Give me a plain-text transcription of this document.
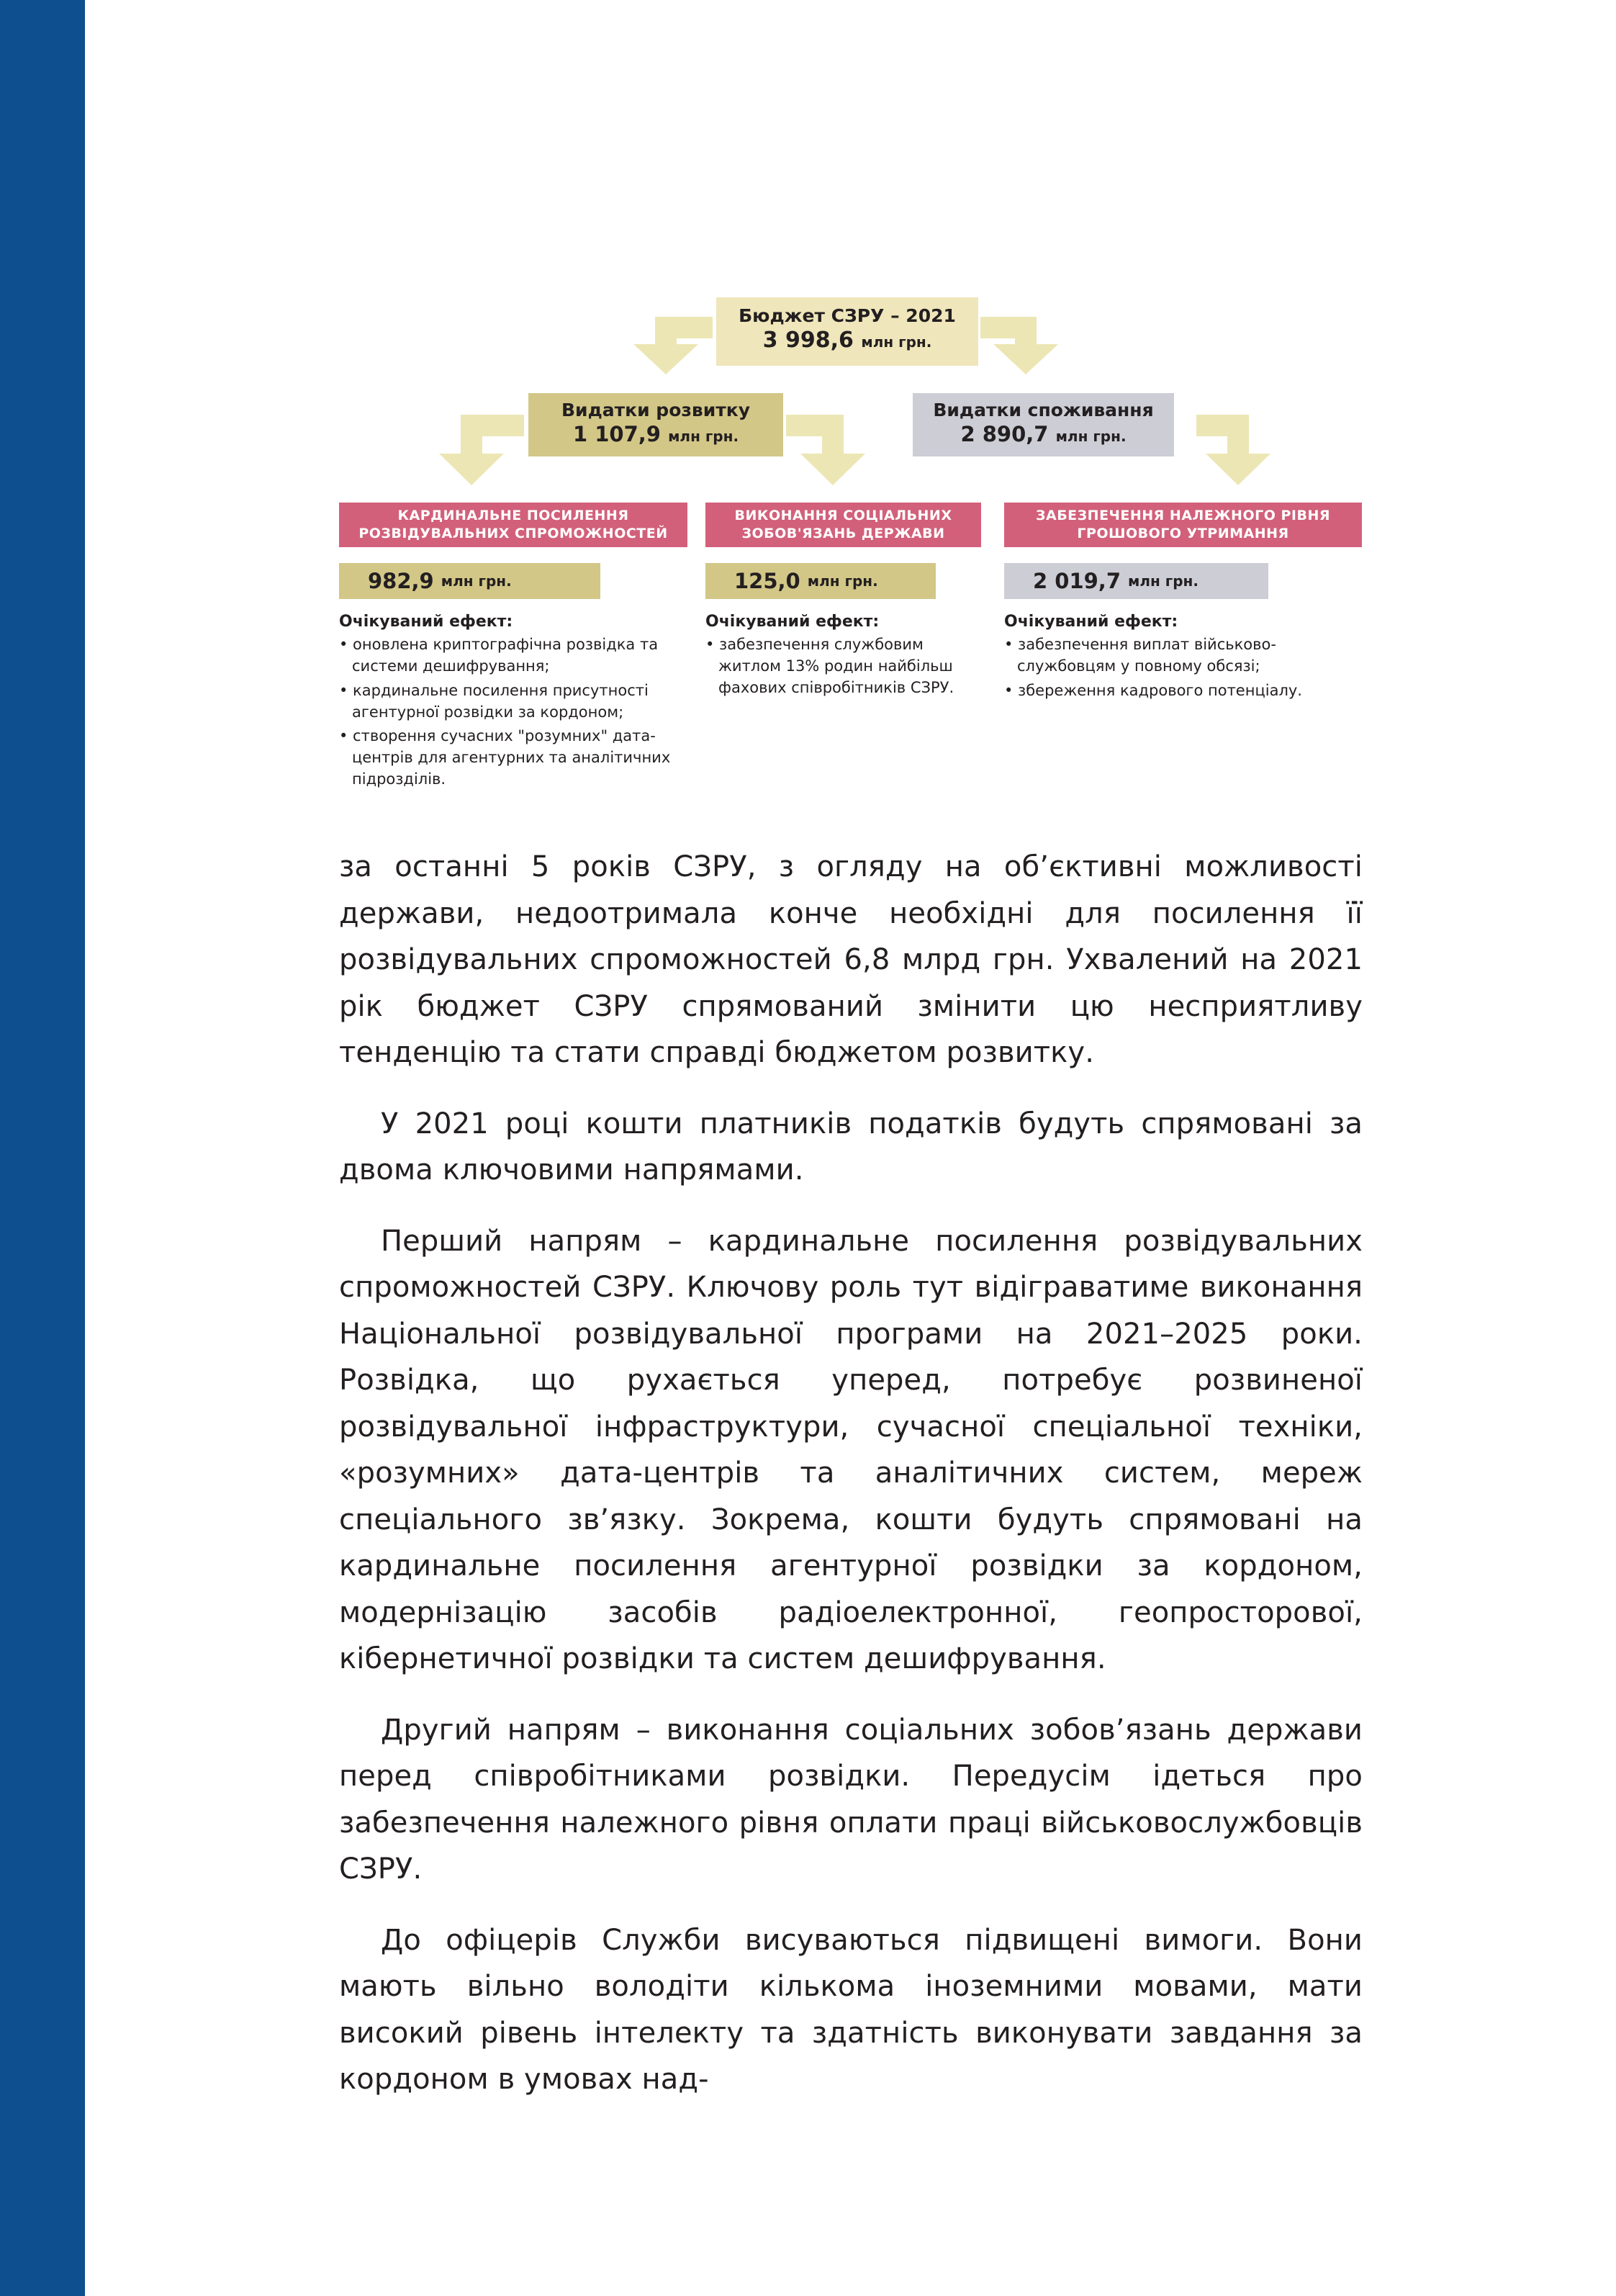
Біла книга
Загальна інформація про Службу зовнішньої розвідки України
60
Бюджет СЗРУ – 2021
3 998,6 млн грн.
Видатки розвитку
1 107,9 млн грн.
Видатки споживання
2 890,7 млн грн.
КАРДИНАЛЬНЕ ПОСИЛЕННЯ
РОЗВІДУВАЛЬНИХ СПРОМОЖНОСТЕЙ
982,9 млн грн.
Очікуваний ефект:
• оновлена криптографічна розвідка та системи дешифрування;
• кардинальне посилення присутності агентурної розвідки за кордоном;
• створення сучасних "розумних" дата-центрів для агентурних та аналітичних підрозділів.
ВИКОНАННЯ СОЦІАЛЬНИХ
ЗОБОВ'ЯЗАНЬ ДЕРЖАВИ
125,0 млн грн.
Очікуваний ефект:
• забезпечення службовим житлом 13% родин найбільш фахових співробітників СЗРУ.
ЗАБЕЗПЕЧЕННЯ НАЛЕЖНОГО РІВНЯ
ГРОШОВОГО УТРИМАННЯ
2 019,7 млн грн.
Очікуваний ефект:
• забезпечення виплат військово-службовцям у повному обсязі;
• збереження кадрового потенціалу.

за останні 5 років СЗРУ, з огляду на об’єктивні можливості держави, недоотримала конче необхідні для посилення її розвідувальних спроможностей 6,8 млрд грн. Ухвалений на 2021 рік бюджет СЗРУ спрямований змінити цю несприятливу тенденцію та стати справді бюджетом розвитку.

У 2021 році кошти платників податків будуть спрямовані за двома ключовими напрямами.

Перший напрям – кардинальне посилення розвідувальних спроможностей СЗРУ. Ключову роль тут відіграватиме виконання Національної розвідувальної програми на 2021–2025 роки. Розвідка, що рухається уперед, потребує розвиненої розвідувальної інфраструктури, сучасної спеціальної техніки, «розумних» дата-центрів та аналітичних систем, мереж спеціального зв’язку. Зокрема, кошти будуть спрямовані на кардинальне посилення агентурної розвідки за кордоном, модернізацію засобів радіоелектронної, геопросторової, кібернетичної розвідки та систем дешифрування.

Другий напрям – виконання соціальних зобов’язань держави перед співробітниками розвідки. Передусім ідеться про забезпечення належного рівня оплати праці військовослужбовців СЗРУ.

До офіцерів Служби висуваються підвищені вимоги. Вони мають вільно володіти кількома іноземними мовами, мати високий рівень інтелекту та здатність виконувати завдання за кордоном в умовах над-
